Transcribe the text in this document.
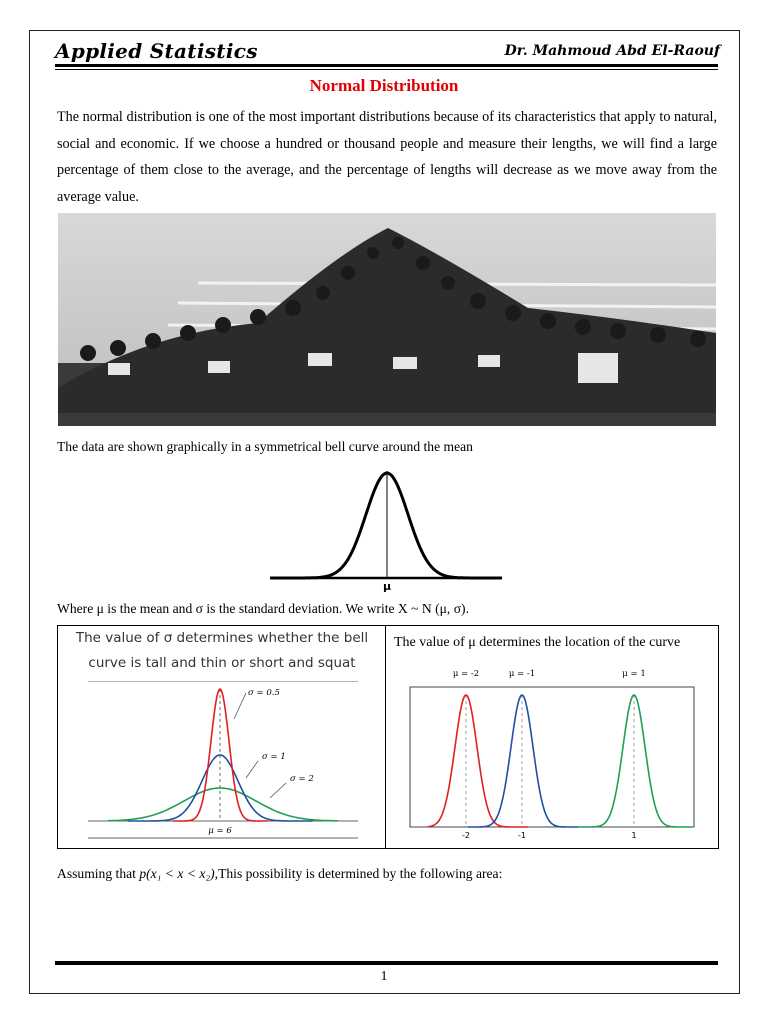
Applied Statistics	Dr. Mahmoud Abd El-Raouf
Normal Distribution
The normal distribution is one of the most important distributions because of its characteristics that apply to natural, social and economic. If we choose a hundred or thousand people and measure their lengths, we will find a large percentage of them close to the average, and the percentage of lengths will decrease as we move away from the average value.
The data are shown graphically in a symmetrical bell curve around the mean
μ
Where μ is the mean and σ is the standard deviation. We write X ~ N (μ, σ).
The value of σ determines whether the bell
curve is tall and thin or short and squat
The value of μ determines the location of the curve
σ = 0.5
σ = 1
σ = 2
μ = 6
μ = -2	μ = -1	μ = 1
-2	-1	1
Assuming that p(x₁ < x < x₂),This possibility is determined by the following area:
1
